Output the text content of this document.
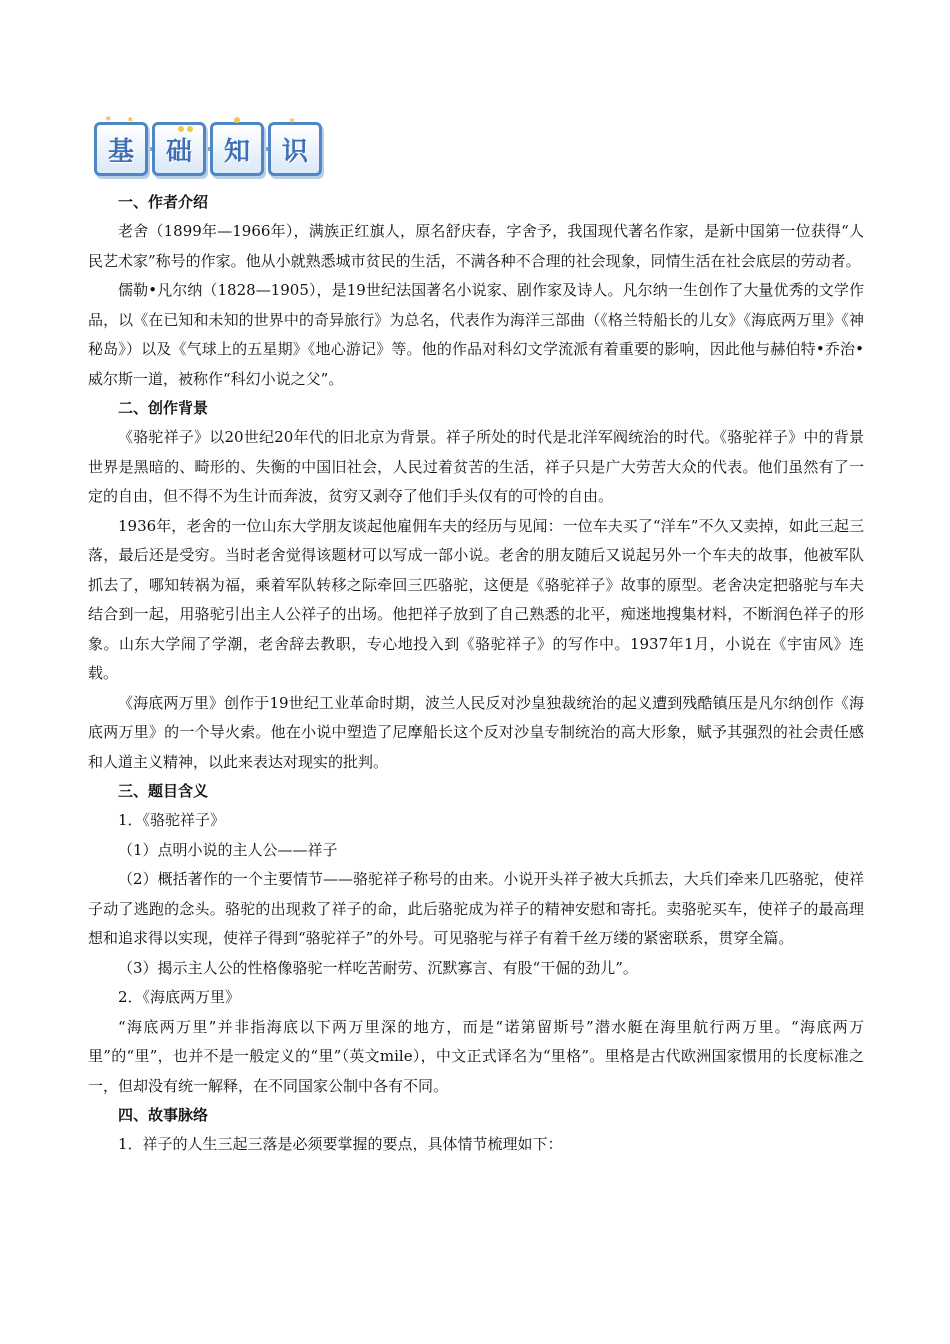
基 础 知 识
✶ ✶	✶
一、作者介绍

老舍（1899年—1966年），满族正红旗人，原名舒庆春，字舍予，我国现代著名作家，是新中国第一位获得“人民艺术家”称号的作家。他从小就熟悉城市贫民的生活，不满各种不合理的社会现象，同情生活在社会底层的劳动者。

儒勒•凡尔纳（1828—1905），是19世纪法国著名小说家、剧作家及诗人。凡尔纳一生创作了大量优秀的文学作品，以《在已知和未知的世界中的奇异旅行》为总名，代表作为海洋三部曲（《格兰特船长的儿女》《海底两万里》《神秘岛》）以及《气球上的五星期》《地心游记》等。他的作品对科幻文学流派有着重要的影响，因此他与赫伯特•乔治•威尔斯一道，被称作“科幻小说之父”。

二、创作背景

《骆驼祥子》以20世纪20年代的旧北京为背景。祥子所处的时代是北洋军阀统治的时代。《骆驼祥子》中的背景世界是黑暗的、畸形的、失衡的中国旧社会，人民过着贫苦的生活，祥子只是广大劳苦大众的代表。他们虽然有了一定的自由，但不得不为生计而奔波，贫穷又剥夺了他们手头仅有的可怜的自由。

1936年，老舍的一位山东大学朋友谈起他雇佣车夫的经历与见闻：一位车夫买了“洋车”不久又卖掉，如此三起三落，最后还是受穷。当时老舍觉得该题材可以写成一部小说。老舍的朋友随后又说起另外一个车夫的故事，他被军队抓去了，哪知转祸为福，乘着军队转移之际牵回三匹骆驼，这便是《骆驼祥子》故事的原型。老舍决定把骆驼与车夫结合到一起，用骆驼引出主人公祥子的出场。他把祥子放到了自己熟悉的北平，痴迷地搜集材料，不断润色祥子的形象。山东大学闹了学潮，老舍辞去教职，专心地投入到《骆驼祥子》的写作中。1937年1月，小说在《宇宙风》连载。

《海底两万里》创作于19世纪工业革命时期，波兰人民反对沙皇独裁统治的起义遭到残酷镇压是凡尔纳创作《海底两万里》的一个导火索。他在小说中塑造了尼摩船长这个反对沙皇专制统治的高大形象，赋予其强烈的社会责任感和人道主义精神，以此来表达对现实的批判。

三、题目含义

1．《骆驼祥子》

（1）点明小说的主人公——祥子

（2）概括著作的一个主要情节——骆驼祥子称号的由来。小说开头祥子被大兵抓去，大兵们牵来几匹骆驼，使祥子动了逃跑的念头。骆驼的出现救了祥子的命，此后骆驼成为祥子的精神安慰和寄托。卖骆驼买车，使祥子的最高理想和追求得以实现，使祥子得到“骆驼祥子”的外号。可见骆驼与祥子有着千丝万缕的紧密联系，贯穿全篇。

（3）揭示主人公的性格像骆驼一样吃苦耐劳、沉默寡言、有股“干倔的劲儿”。

2．《海底两万里》

“海底两万里”并非指海底以下两万里深的地方，而是“诺第留斯号”潜水艇在海里航行两万里。“海底两万里”的“里”，也并不是一般定义的“里”（英文mile），中文正式译名为“里格”。里格是古代欧洲国家惯用的长度标准之一，但却没有统一解释，在不同国家公制中各有不同。

四、故事脉络

1．祥子的人生三起三落是必须要掌握的要点，具体情节梳理如下：
